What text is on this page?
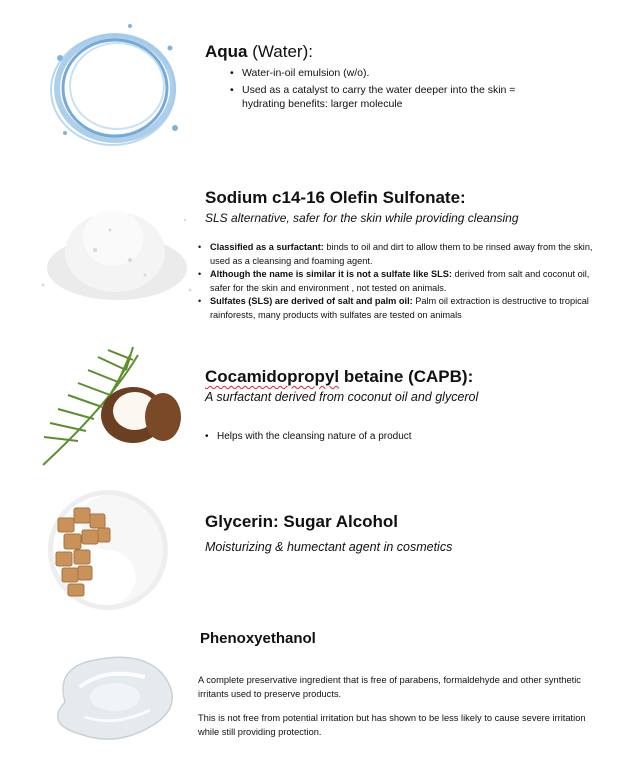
Aqua (Water):
• Water-in-oil emulsion (w/o).
• Used as a catalyst to carry the water deeper into the skin = hydrating benefits: larger molecule
Sodium c14-16 Olefin Sulfonate:
SLS alternative, safer for the skin while providing cleansing
• Classified as a surfactant: binds to oil and dirt to allow them to be rinsed away from the skin, used as a cleansing and foaming agent.
• Although the name is similar it is not a sulfate like SLS: derived from salt and coconut oil, safer for the skin and environment , not tested on animals.
• Sulfates (SLS) are derived of salt and palm oil: Palm oil extraction is destructive to tropical rainforests, many products with sulfates are tested on animals
Cocamidopropyl betaine (CAPB):
A surfactant derived from coconut oil and glycerol
• Helps with the cleansing nature of a product
Glycerin: Sugar Alcohol
Moisturizing & humectant agent in cosmetics
Phenoxyethanol

A complete preservative ingredient that is free of parabens, formaldehyde and other synthetic irritants used to preserve products.

This is not free from potential irritation but has shown to be less likely to cause severe irritation while still providing protection.
